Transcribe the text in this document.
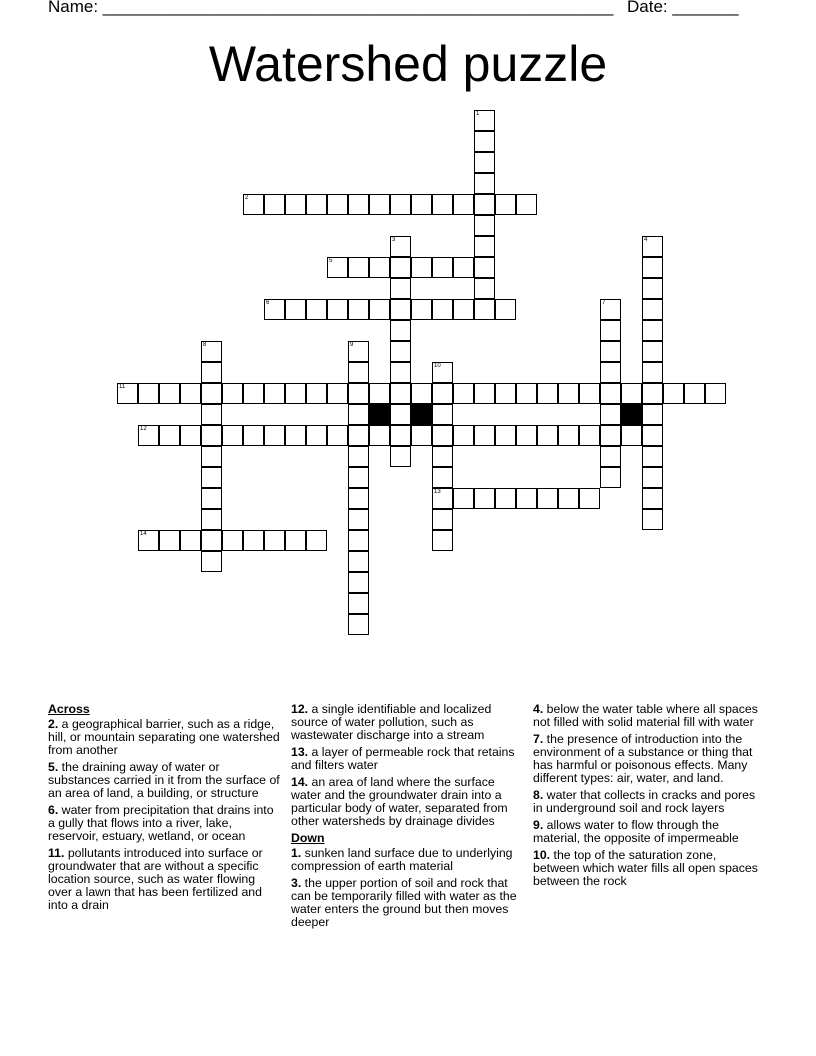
Name: ______________________________________________________ Date: _______
Watershed puzzle
1
2
3	4
5
6	7
8	9
10
13
11
12
14
Across
2. a geographical barrier, such as a ridge, hill, or mountain separating one watershed from another
5. the draining away of water or substances carried in it from the surface of an area of land, a building, or structure
6. water from precipitation that drains into a gully that flows into a river, lake, reservoir, estuary, wetland, or ocean
11. pollutants introduced into surface or groundwater that are without a specific location source, such as water flowing over a lawn that has been fertilized and into a drain
12. a single identifiable and localized source of water pollution, such as wastewater discharge into a stream
13. a layer of permeable rock that retains and filters water
14. an area of land where the surface water and the groundwater drain into a particular body of water, separated from other watersheds by drainage divides
Down
1. sunken land surface due to underlying compression of earth material
3. the upper portion of soil and rock that can be temporarily filled with water as the water enters the ground but then moves deeper
4. below the water table where all spaces not filled with solid material fill with water
7. the presence of introduction into the environment of a substance or thing that has harmful or poisonous effects. Many different types: air, water, and land.
8. water that collects in cracks and pores in underground soil and rock layers
9. allows water to flow through the material, the opposite of impermeable
10. the top of the saturation zone, between which water fills all open spaces between the rock
